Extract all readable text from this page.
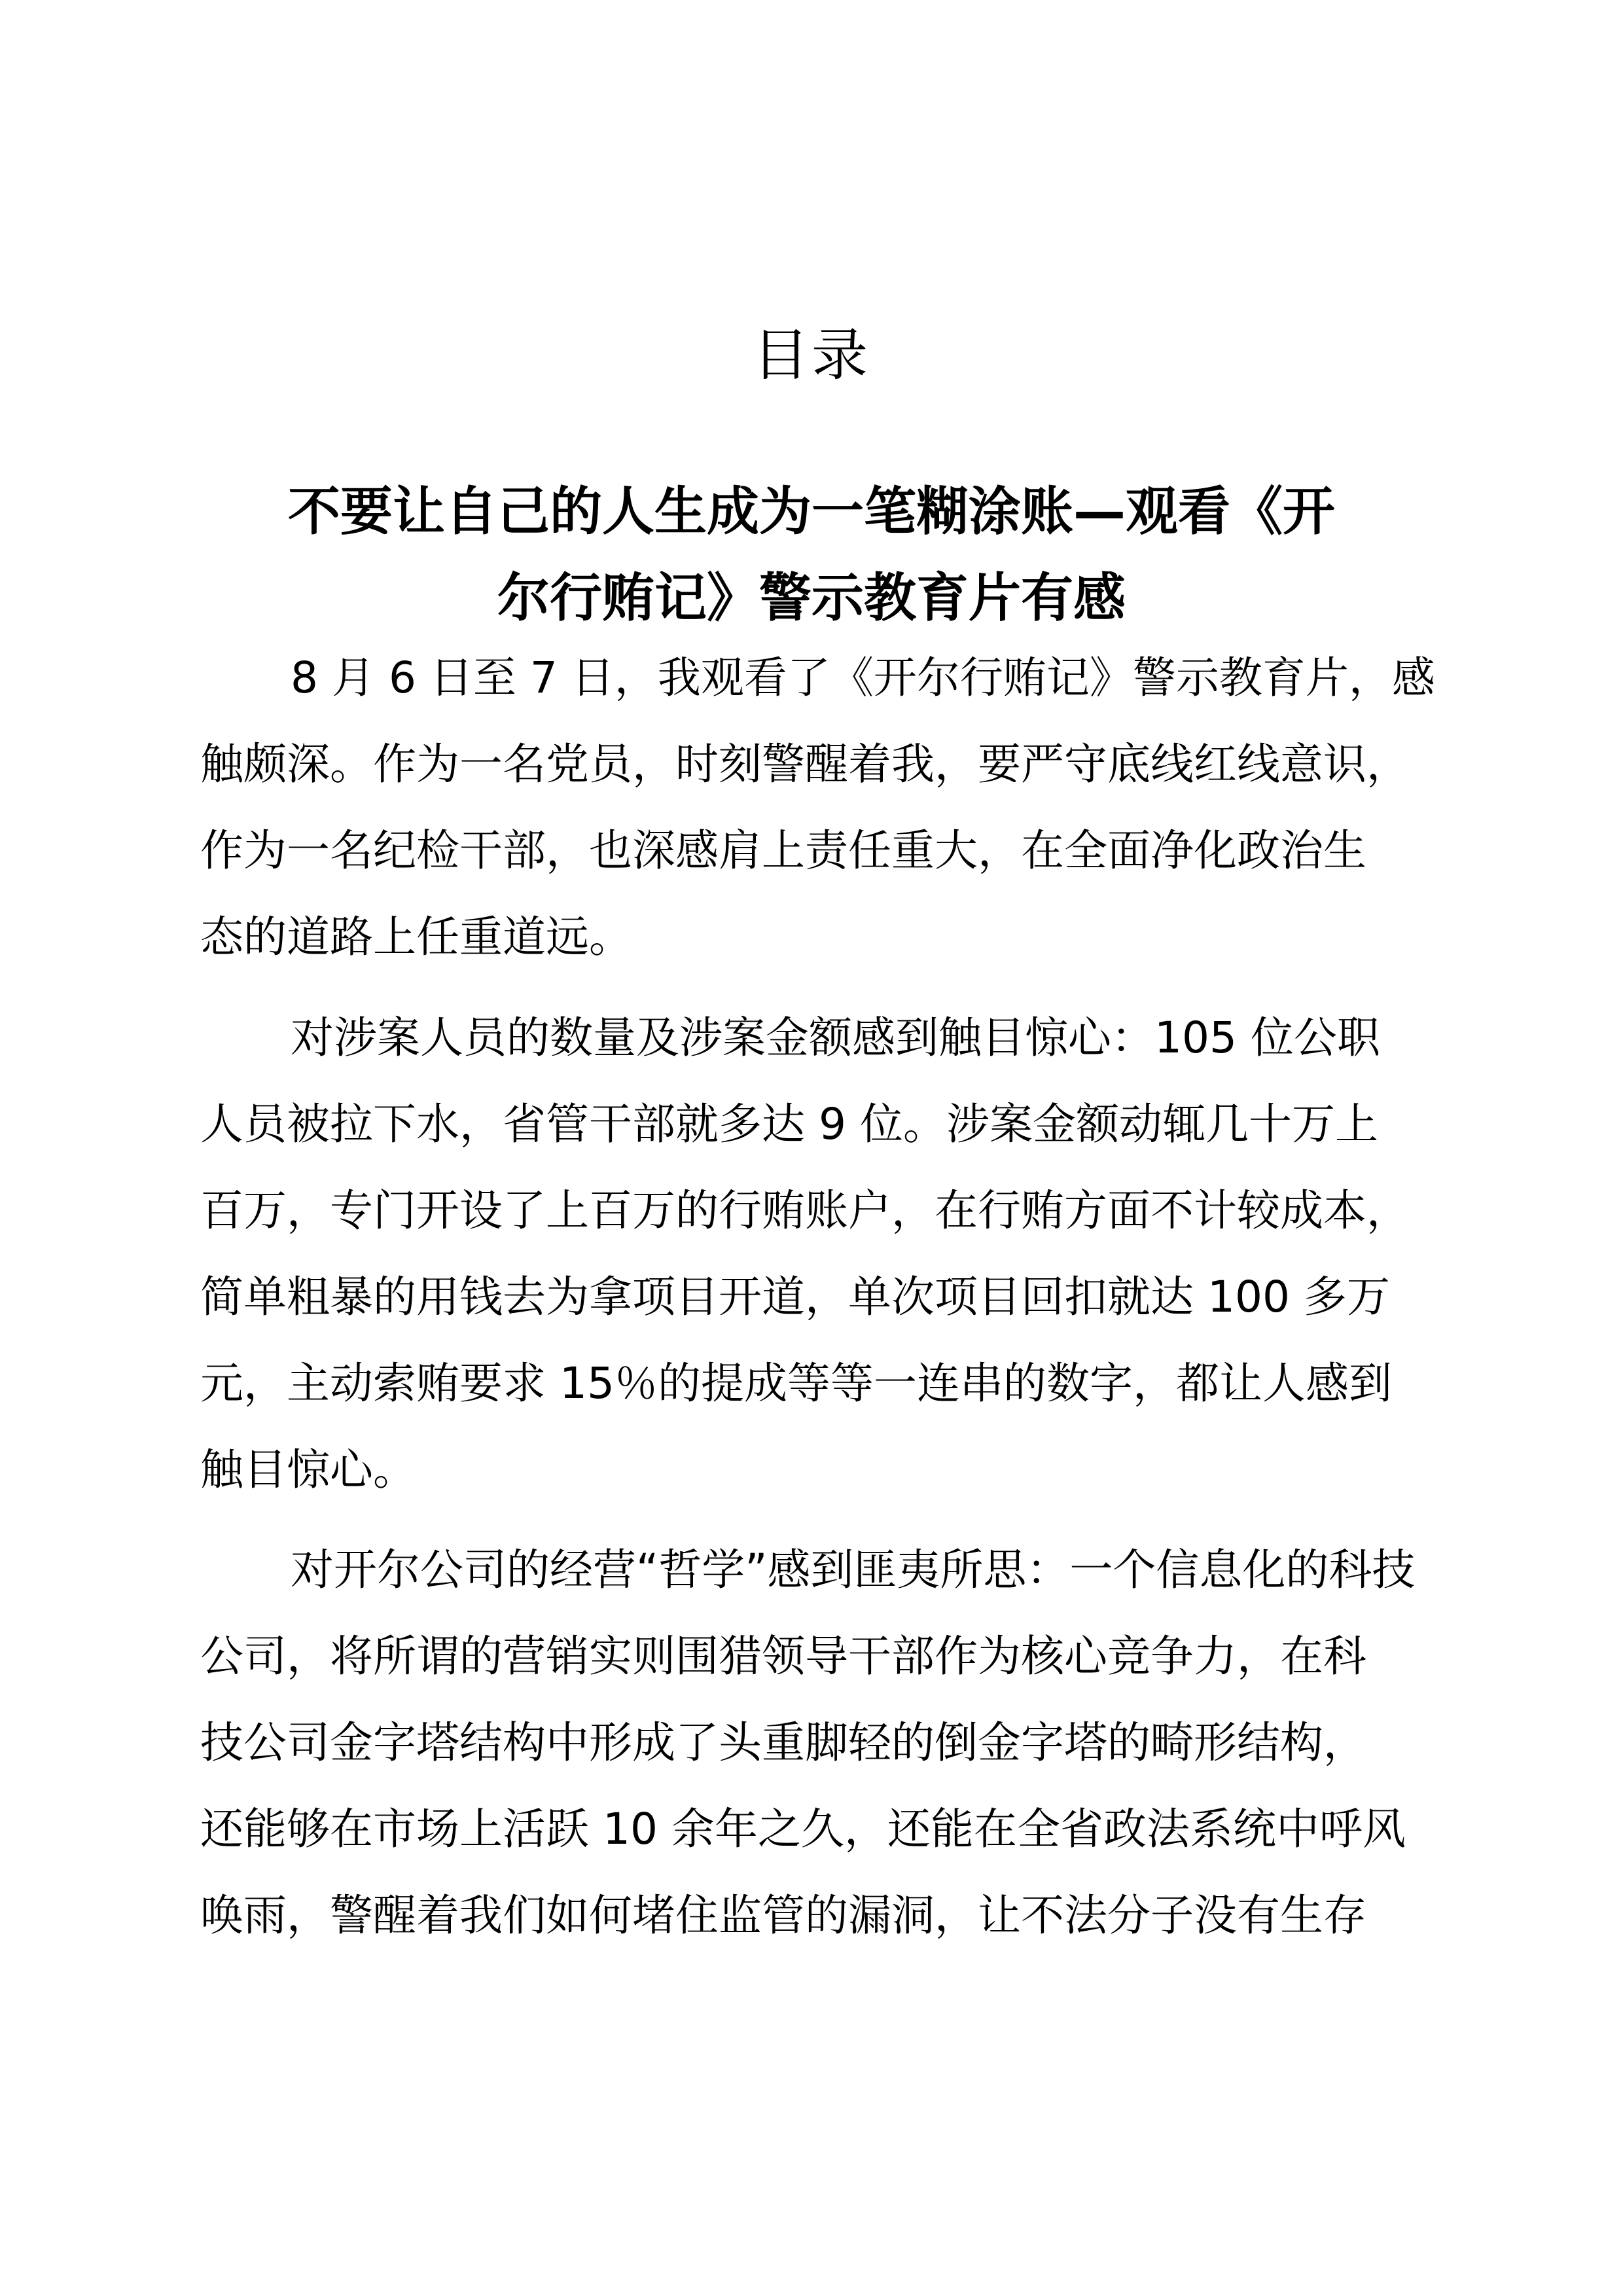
目录
不要让自己的人生成为一笔糊涂账—观看《开
尔行贿记》警示教育片有感
8 月 6 日至 7 日，我观看了《开尔行贿记》警示教育片，感
触颇深。作为一名党员，时刻警醒着我，要严守底线红线意识，
作为一名纪检干部，也深感肩上责任重大，在全面净化政治生
态的道路上任重道远。
对涉案人员的数量及涉案金额感到触目惊心：105 位公职
人员被拉下水，省管干部就多达 9 位。涉案金额动辄几十万上
百万，专门开设了上百万的行贿账户，在行贿方面不计较成本，
简单粗暴的用钱去为拿项目开道，单次项目回扣就达 100 多万
元，主动索贿要求 15％的提成等等一连串的数字，都让人感到
触目惊心。
对开尔公司的经营“哲学”感到匪夷所思：一个信息化的科技
公司，将所谓的营销实则围猎领导干部作为核心竞争力，在科
技公司金字塔结构中形成了头重脚轻的倒金字塔的畸形结构，
还能够在市场上活跃 10 余年之久，还能在全省政法系统中呼风
唤雨，警醒着我们如何堵住监管的漏洞，让不法分子没有生存
